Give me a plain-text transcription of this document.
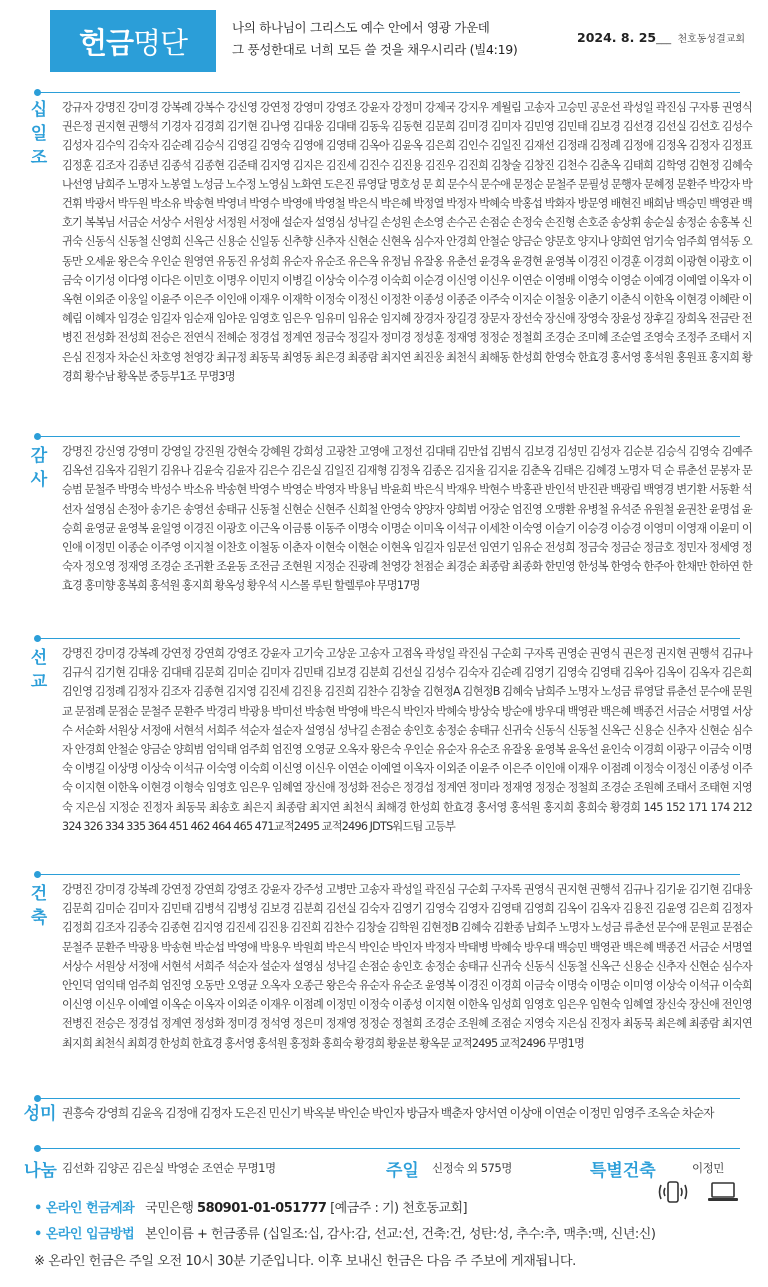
헌금 명단	나의 하나님이 그리스도 예수 안에서 영광 가운데
그 풍성한대로 너희 모든 쓸 것을 채우시리라 (빌4:19)
2024. 8. 25___ 천호동성결교회
십일조

강규자 강명진 강미경 강복례 강복수 강신영 강연정 강영미 강영조 강윤자 강정미 강제국 강지우 계월림 고송자 고승민 공운선 곽성일 곽진심 구자룡 권영식 권은정 권지현 권행석 기경자 김경희 김기현 김나영 김대웅 김대태 김동욱 김동현 김문희 김미경 김미자 김민영 김민태 김보경 김선경 김선실 김선호 김성수 김성자 김수익 김숙자 김순례 김승식 김영길 김영숙 김영애 김영태 김옥아 김윤옥 김은희 김인수 김일진 김재선 김정래 김정례 김정애 김정옥 김정자 김정표 김정훈 김조자 김종년 김종석 김종현 김준태 김지영 김지은 김진세 김진수 김진용 김진우 김진희 김창술 김창진 김천수 김춘옥 김태희 김학영 김현정 김혜숙 나선영 남희주 노명자 노봉열 노성금 노수정 노영심 노화연 도은진 류영달 명호성 문 희 문수식 문수애 문정순 문철주 문필성 문행자 문혜정 문환주 박강자 박건휘 박광서 박두원 박소유 박송현 박영녀 박영수 박영애 박영철 박은식 박은혜 박정열 박정자 박혜숙 박홍섭 박화자 방문영 배현진 배희남 백승민 백영관 백호기 복복님 서금순 서상수 서원상 서정원 서정애 설순자 설영심 성낙길 손성원 손소영 손수곤 손점순 손정숙 손진형 손호준 송상휘 송순실 송정순 송홍복 신귀숙 신동식 신동철 신영희 신옥근 신용순 신일동 신추향 신추자 신현순 신현옥 심수자 안경희 안철순 양금순 양문호 양지나 양희연 엄기숙 엄주희 염석동 오동만 오세윤 왕은숙 우인순 원영연 유동진 유성희 유순자 유순조 유은옥 유정님 유잘옹 유춘선 윤경옥 윤경현 윤영복 이경진 이경훈 이경희 이광현 이광호 이금숙 이기성 이다영 이다은 이민호 이명우 이민지 이병길 이상숙 이수경 이숙희 이순경 이신영 이신우 이연순 이영배 이영숙 이영순 이예경 이예열 이옥자 이옥현 이외준 이웅일 이윤주 이은주 이인애 이재우 이재학 이정숙 이정신 이정찬 이종성 이종준 이주숙 이지순 이철웅 이춘기 이춘식 이한옥 이현경 이혜란 이혜림 이혜자 임경순 임길자 임순재 임야운 임영호 임은우 임유미 임유순 임지혜 장경자 장길경 장문자 장선숙 장신애 장영숙 장윤성 장후길 장희옥 전금란 전병진 전성화 전성희 전승은 전연식 전혜순 정경섭 정계연 정금숙 정길자 정미경 정성훈 정재영 정정순 정철희 조경순 조미혜 조순열 조영숙 조정주 조태서 지은심 진정자 차순신 차호영 천영강 최규정 최동묵 최영동 최은경 최종람 최지연 최진웅 최천식 최해동 한성희 한영숙 한효경 홍서영 홍석원 홍원표 홍지희 황경희 황수남 황옥분 중등부1조 무명3명

감사

강명진 강신영 강영미 강영일 강진원 강현숙 강혜원 강희성 고광찬 고영애 고정선 김대태 김만섭 김범식 김보경 김성민 김성자 김순분 김승식 김영숙 김예주 김옥선 김옥자 김원기 김유나 김윤숙 김윤자 김은수 김은실 김일진 김재형 김정옥 김종온 김지율 김지윤 김춘옥 김태은 김혜경 노명자 덕 순 류춘선 문봉자 문승범 문철주 박명숙 박성수 박소유 박송현 박영수 박영순 박영자 박용님 박윤희 박은식 박재우 박현수 박홍관 반인석 반진관 백광림 백영경 변기환 서동환 석선자 설영심 손정아 송기은 송영선 송태규 신동철 신현순 신현주 신희철 안영숙 양양자 양희범 어장순 엄진영 오맹환 유병철 유석준 유원철 윤권찬 윤명섭 윤승희 윤영균 윤영복 윤일영 이경진 이광호 이근옥 이금룡 이동주 이명숙 이명순 이미옥 이석규 이세찬 이숙영 이슬기 이승경 이승경 이영미 이영재 이윤미 이인애 이정민 이종순 이주영 이지철 이찬호 이철동 이춘자 이현숙 이현순 이현옥 임길자 임문선 임연기 임유순 전성희 정금숙 정금순 정금호 정민자 정세영 정숙자 정오영 정재영 조경순 조귀환 조윤동 조전금 조현원 지정순 진광례 천영강 천점순 최경순 최종람 최종화 한민영 한성복 한영숙 한주아 한채만 한하연 한효경 홍미향 홍복희 홍석원 홍지희 황옥성 황우석 시스몰 루틴 할렐루야 무명17명

선교

강명진 강미경 강복례 강연정 강연희 강영조 강윤자 고기숙 고상운 고송자 고점옥 곽성일 곽진심 구순회 구자록 권영순 권영식 권은정 권지현 권행석 김규나 김규식 김기현 김대웅 김대태 김문희 김미순 김미자 김민태 김보경 김분희 김선실 김성수 김숙자 김순례 김영기 김영숙 김영태 김옥아 김옥이 김옥자 김은희 김인영 김정례 김정자 김조자 김종현 김지영 김진세 김진용 김진희 김찬수 김창술 김현정A 김현정B 김혜숙 남희주 노명자 노성금 류영달 류춘선 문수애 문원교 문점례 문점순 문철주 문환주 박경리 박광용 박미선 박송현 박영애 박은식 박인자 박혜숙 방상숙 방순애 방우대 백영관 백은혜 백종건 서금순 서명열 서상수 서순화 서원상 서정애 서현석 서희주 석순자 설순자 설영심 성낙길 손점순 송인호 송정순 송태규 신귀숙 신동식 신동철 신옥근 신용순 신추자 신현순 심수자 안경희 안철순 양금순 양희범 엄익태 엄주희 엄진영 오영균 오옥자 왕은숙 우인순 유순자 유순조 유잘옹 윤영복 윤옥선 윤인숙 이경희 이광구 이금숙 이명숙 이병길 이상명 이상숙 이석규 이숙영 이숙희 이신영 이신우 이연순 이예열 이옥자 이외준 이윤주 이은주 이인애 이재우 이점례 이정숙 이정신 이종성 이주숙 이지현 이한옥 이현경 이형숙 임영호 임은우 임혜열 장신애 정성화 전승은 정경섭 정계연 정미라 정재영 정정순 정철희 조경순 조원혜 조태서 조태현 지영숙 지은심 지정순 진정자 최동묵 최송호 최은지 최종람 최지연 최천식 최해경 한성희 한효경 홍서영 홍석원 홍지희 홍희숙 황경희 145 152 171 174 212 324 326 334 335 364 451 462 464 465 471교적2495 교적2496 JDTS워드팀 고등부

건축

강명진 강미경 강복례 강연정 강연희 강영조 강윤자 강주성 고병만 고송자 곽성일 곽진심 구순회 구자록 권영식 권지현 권행석 김규나 김기윤 김기현 김대웅 김문희 김미순 김미자 김민태 김병석 김병성 김보경 김분희 김선실 김숙자 김영기 김영숙 김영자 김영태 김영희 김옥이 김옥자 김용진 김윤영 김은희 김정자 김정희 김조자 김종숙 김종현 김지영 김진세 김진용 김진희 김찬수 김창술 김학원 김현정B 김혜숙 김환종 남희주 노명자 노성금 류춘선 문수애 문원교 문점순 문철주 문환주 박광용 박송현 박순섭 박영애 박용우 박원희 박은식 박인순 박인자 박정자 박태병 박혜숙 방우대 백승민 백영관 백은혜 백종건 서금순 서명열 서상수 서원상 서정애 서현석 서희주 석순자 설순자 설영심 성낙길 손점순 송인호 송정순 송태규 신귀숙 신동식 신동철 신옥근 신용순 신추자 신현순 심수자 안인덕 엄익태 엄주희 엄진영 오동만 오영균 오옥자 오종근 왕은숙 유순자 유순조 윤영복 이경진 이경희 이금숙 이명숙 이명순 이미영 이상숙 이석규 이숙희 이신영 이신우 이예열 이옥순 이옥자 이외준 이재우 이점례 이정민 이정숙 이종성 이지현 이한옥 임성희 임영호 임은우 임현숙 임혜열 장신숙 장신애 전인영 전병진 전승은 정경섭 정계연 정성화 정미경 정석영 정은미 정재영 정정순 정철희 조경순 조원혜 조점순 지영숙 지은심 진정자 최동묵 최은혜 최종람 최지연 최지희 최천식 최희경 한성희 한효경 홍서영 홍석원 홍정화 홍희숙 황경희 황윤분 황옥문 교적2495 교적2496 무명1명

성미 권흥숙 강영희 김윤옥 김정애 김정자 도은진 민신기 박옥분 박인순 박인자 방금자 백춘자 양서연 이상애 이연순 이정민 임영주 조옥순 차순자

나눔 김선화 김양곤 김은실 박영순 조연순 무명1명	주일 신정숙 외 575명	특별건축	이정민
• 온라인 헌금계좌 국민은행 580901-01-051777 [예금주 : 기) 천호동교회]
• 온라인 입금방법 본인이름 + 헌금종류 (십일조:십, 감사:감, 선교:선, 건축:건, 성탄:성, 추수:추, 맥추:맥, 신년:신)
※ 온라인 헌금은 주일 오전 10시 30분 기준입니다. 이후 보내신 헌금은 다음 주 주보에 게재됩니다.
